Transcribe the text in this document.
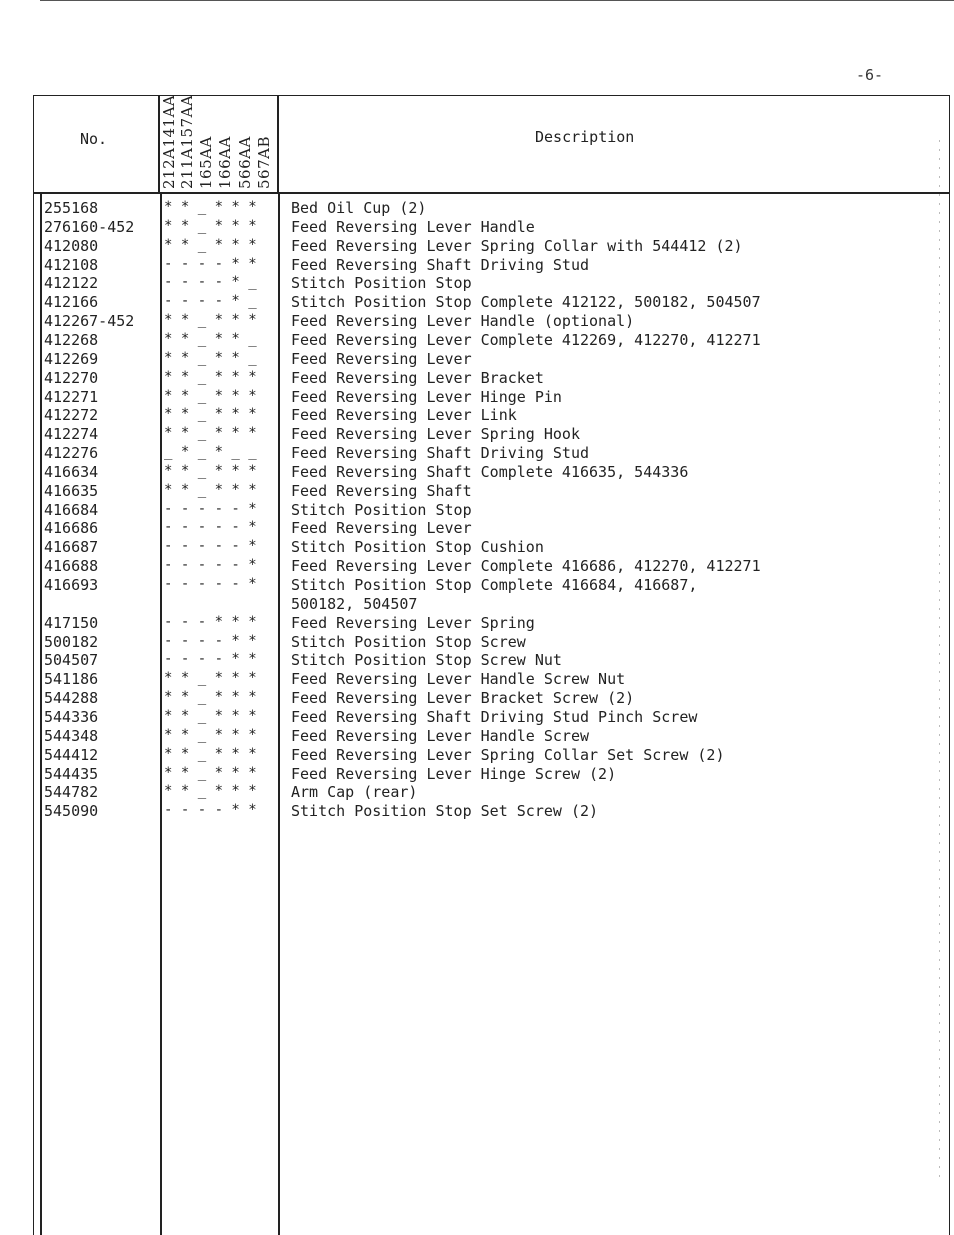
-6-
No.	Description
212A141AA 211A157AA 165AA 166AA 566AA 567AB
255168	* * _ * * *	Bed Oil Cup (2)
276160-452	* * _ * * *	Feed Reversing Lever Handle
412080	* * _ * * *	Feed Reversing Lever Spring Collar with 544412 (2)
412108	- - - - * *	Feed Reversing Shaft Driving Stud
412122	- - - - * _	Stitch Position Stop
412166	- - - - * _	Stitch Position Stop Complete 412122, 500182, 504507
412267-452	* * _ * * *	Feed Reversing Lever Handle (optional)
412268	* * _ * * _	Feed Reversing Lever Complete 412269, 412270, 412271
412269	* * _ * * _	Feed Reversing Lever
412270	* * _ * * *	Feed Reversing Lever Bracket
412271	* * _ * * *	Feed Reversing Lever Hinge Pin
412272	* * _ * * *	Feed Reversing Lever Link
412274	* * _ * * *	Feed Reversing Lever Spring Hook
412276	_ * _ * _ _	Feed Reversing Shaft Driving Stud
416634	* * _ * * *	Feed Reversing Shaft Complete 416635, 544336
416635	* * _ * * *	Feed Reversing Shaft
416684	- - - - - *	Stitch Position Stop
416686	- - - - - *	Feed Reversing Lever
416687	- - - - - *	Stitch Position Stop Cushion
416688	- - - - - *	Feed Reversing Lever Complete 416686, 412270, 412271
416693	- - - - - *	Stitch Position Stop Complete 416684, 416687,
500182, 504507
417150	- - - * * *	Feed Reversing Lever Spring
500182	- - - - * *	Stitch Position Stop Screw
504507	- - - - * *	Stitch Position Stop Screw Nut
541186	* * _ * * *	Feed Reversing Lever Handle Screw Nut
544288	* * _ * * *	Feed Reversing Lever Bracket Screw (2)
544336	* * _ * * *	Feed Reversing Shaft Driving Stud Pinch Screw
544348	* * _ * * *	Feed Reversing Lever Handle Screw
544412	* * _ * * *	Feed Reversing Lever Spring Collar Set Screw (2)
544435	* * _ * * *	Feed Reversing Lever Hinge Screw (2)
544782	* * _ * * *	Arm Cap (rear)
545090	- - - - * *	Stitch Position Stop Set Screw (2)
